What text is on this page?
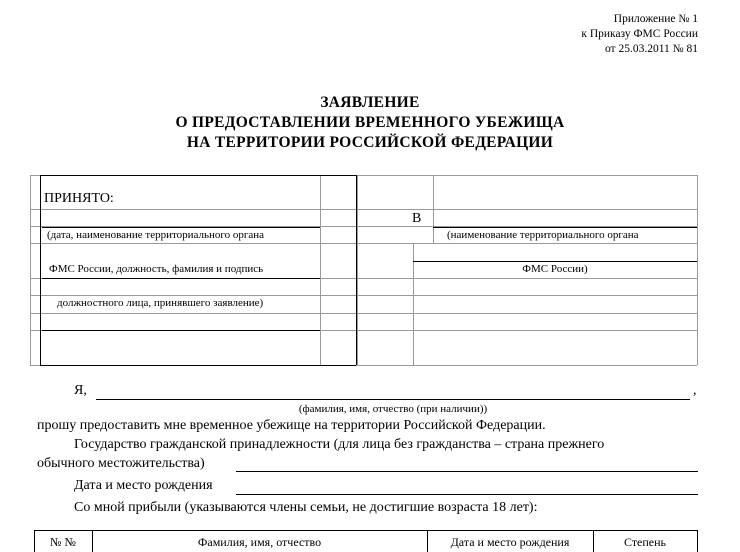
Приложение № 1
к Приказу ФМС России
от 25.03.2011 № 81
ЗАЯВЛЕНИЕ
О ПРЕДОСТАВЛЕНИИ ВРЕМЕННОГО УБЕЖИЩА
НА ТЕРРИТОРИИ РОССИЙСКОЙ ФЕДЕРАЦИИ
ПРИНЯТО:
В
(дата, наименование территориального органа
ФМС России, должность, фамилия и подпись
должностного лица, принявшего заявление)
(наименование территориального органа
ФМС России)
Я,	,
(фамилия, имя, отчество (при наличии))
прошу предоставить мне временное убежище на территории Российской Федерации.
Государство гражданской принадлежности (для лица без гражданства – страна прежнего
обычного местожительства)
Дата и место рождения
Со мной прибыли (указываются члены семьи, не достигшие возраста 18 лет):
№ №	Фамилия, имя, отчество	Дата и место рождения	Степень
